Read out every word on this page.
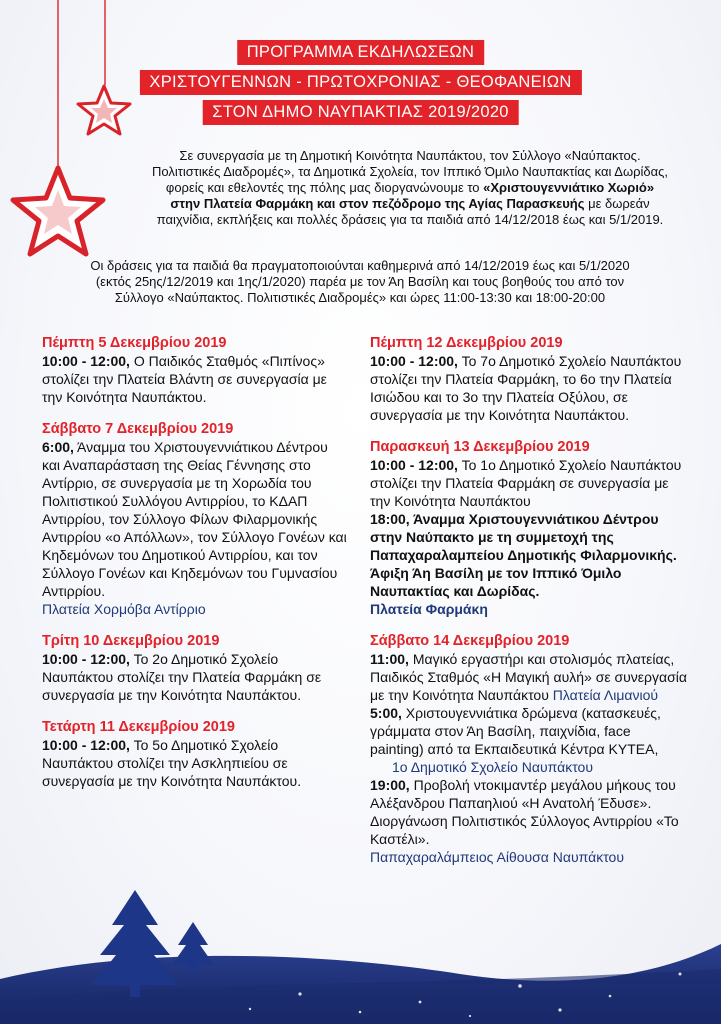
ΠΡΟΓΡΑΜΜΑ ΕΚΔΗΛΩΣΕΩΝ
ΧΡΙΣΤΟΥΓΕΝΝΩΝ - ΠΡΩΤΟΧΡΟΝΙΑΣ - ΘΕΟΦΑΝΕΙΩΝ
ΣΤΟΝ ΔΗΜΟ ΝΑΥΠΑΚΤΙΑΣ 2019/2020
Σε συνεργασία με τη Δημοτική Κοινότητα Ναυπάκτου, τον Σύλλογο «Ναύπακτος.
Πολιτιστικές Διαδρομές», τα Δημοτικά Σχολεία, τον Ιππικό Όμιλο Ναυπακτίας και Δωρίδας,
φορείς και εθελοντές της πόλης μας διοργανώνουμε το «Χριστουγεννιάτικο Χωριό»
στην Πλατεία Φαρμάκη και στον πεζόδρομο της Αγίας Παρασκευής με δωρεάν
παιχνίδια, εκπλήξεις και πολλές δράσεις για τα παιδιά από 14/12/2018 έως και 5/1/2019.
Οι δράσεις για τα παιδιά θα πραγματοποιούνται καθημερινά από 14/12/2019 έως και 5/1/2020
(εκτός 25ης/12/2019 και 1ης/1/2020) παρέα με τον Άη Βασίλη και τους βοηθούς του από τον
Σύλλογο «Ναύπακτος. Πολιτιστικές Διαδρομές» και ώρες 11:00-13:30 και 18:00-20:00
Πέμπτη 5 Δεκεμβρίου 2019
10:00 - 12:00, Ο Παιδικός Σταθμός «Πιπίνος» στολίζει την Πλατεία Βλάντη σε συνεργασία με την Κοινότητα Ναυπάκτου.
Σάββατο 7 Δεκεμβρίου 2019
6:00, Άναμμα του Χριστουγεννιάτικου Δέντρου και Αναπαράσταση της Θείας Γέννησης στο Αντίρριο, σε συνεργασία με τη Χορωδία του Πολιτιστικού Συλλόγου Αντιρρίου, το ΚΔΑΠ Αντιρρίου, τον Σύλλογο Φίλων Φιλαρμονικής Αντιρρίου «ο Απόλλων», τον Σύλλογο Γονέων και Κηδεμόνων του Δημοτικού Αντιρρίου, και τον Σύλλογο Γονέων και Κηδεμόνων του Γυμνασίου Αντιρρίου.
Πλατεία Χορμόβα Αντίρριο
Τρίτη 10 Δεκεμβρίου 2019
10:00 - 12:00, Το 2ο Δημοτικό Σχολείο Ναυπάκτου στολίζει την Πλατεία Φαρμάκη σε συνεργασία με την Κοινότητα Ναυπάκτου.
Τετάρτη 11 Δεκεμβρίου 2019
10:00 - 12:00, Το 5ο Δημοτικό Σχολείο Ναυπάκτου στολίζει την Ασκληπιείου σε συνεργασία με την Κοινότητα Ναυπάκτου.
Πέμπτη 12 Δεκεμβρίου 2019
10:00 - 12:00, Το 7ο Δημοτικό Σχολείο Ναυπάκτου στολίζει την Πλατεία Φαρμάκη, το 6ο την Πλατεία Ισιώδου και το 3ο την Πλατεία Οξύλου, σε συνεργασία με την Κοινότητα Ναυπάκτου.
Παρασκευή 13 Δεκεμβρίου 2019
10:00 - 12:00, Το 1ο Δημοτικό Σχολείο Ναυπάκτου στολίζει την Πλατεία Φαρμάκη σε συνεργασία με την Κοινότητα Ναυπάκτου
18:00, Άναμμα Χριστουγεννιάτικου Δέντρου στην Ναύπακτο με τη συμμετοχή της Παπαχαραλαμπείου Δημοτικής Φιλαρμονικής. Άφιξη Άη Βασίλη με τον Ιππικό Όμιλο Ναυπακτίας και Δωρίδας.
Πλατεία Φαρμάκη
Σάββατο 14 Δεκεμβρίου 2019
11:00, Μαγικό εργαστήρι και στολισμός πλατείας, Παιδικός Σταθμός «Η Μαγική αυλή» σε συνεργασία με την Κοινότητα Ναυπάκτου Πλατεία Λιμανιού
5:00, Χριστουγεννιάτικα δρώμενα (κατασκευές, γράμματα στον Άη Βασίλη, παιχνίδια, face painting) από τα Εκπαιδευτικά Κέντρα ΚΥΤΕΑ,
1ο Δημοτικό Σχολείο Ναυπάκτου
19:00, Προβολή ντοκιμαντέρ μεγάλου μήκους του Αλέξανδρου Παπαηλιού «Η Ανατολή Έδυσε». Διοργάνωση Πολιτιστικός Σύλλογος Αντιρρίου «Το Καστέλι».
Παπαχαραλάμπειος Αίθουσα Ναυπάκτου
